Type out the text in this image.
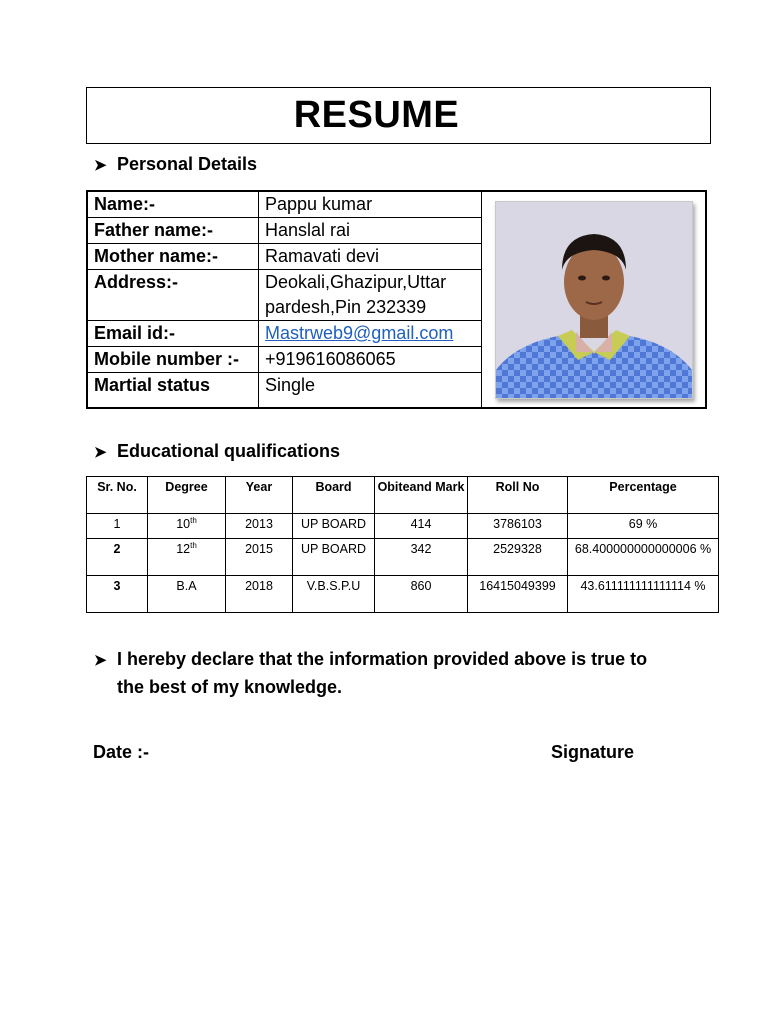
RESUME
➤ Personal Details
Name:-	Pappu kumar	

Father name:-	Hanslal rai	
Mother name:-	Ramavati devi	
Address:-	Deokali,Ghazipur,Uttar pardesh,Pin 232339	
Email id:-	Mastrweb9@gmail.com	
Mobile number :-	+919616086065	
Martial status	Single	
➤ Educational qualifications
Sr. No.	Degree	Year	Board	Obiteand Mark	Roll No	Percentage
1	10th	2013	UP BOARD	414	3786103	69 %
2	12th	2015	UP BOARD	342	2529328	68.400000000000006 %
3	B.A	2018	V.B.S.P.U	860	16415049399	43.611111111111114 %
➤ I hereby declare that the information provided above is true to
the best of my knowledge.
Date :-	Signature
